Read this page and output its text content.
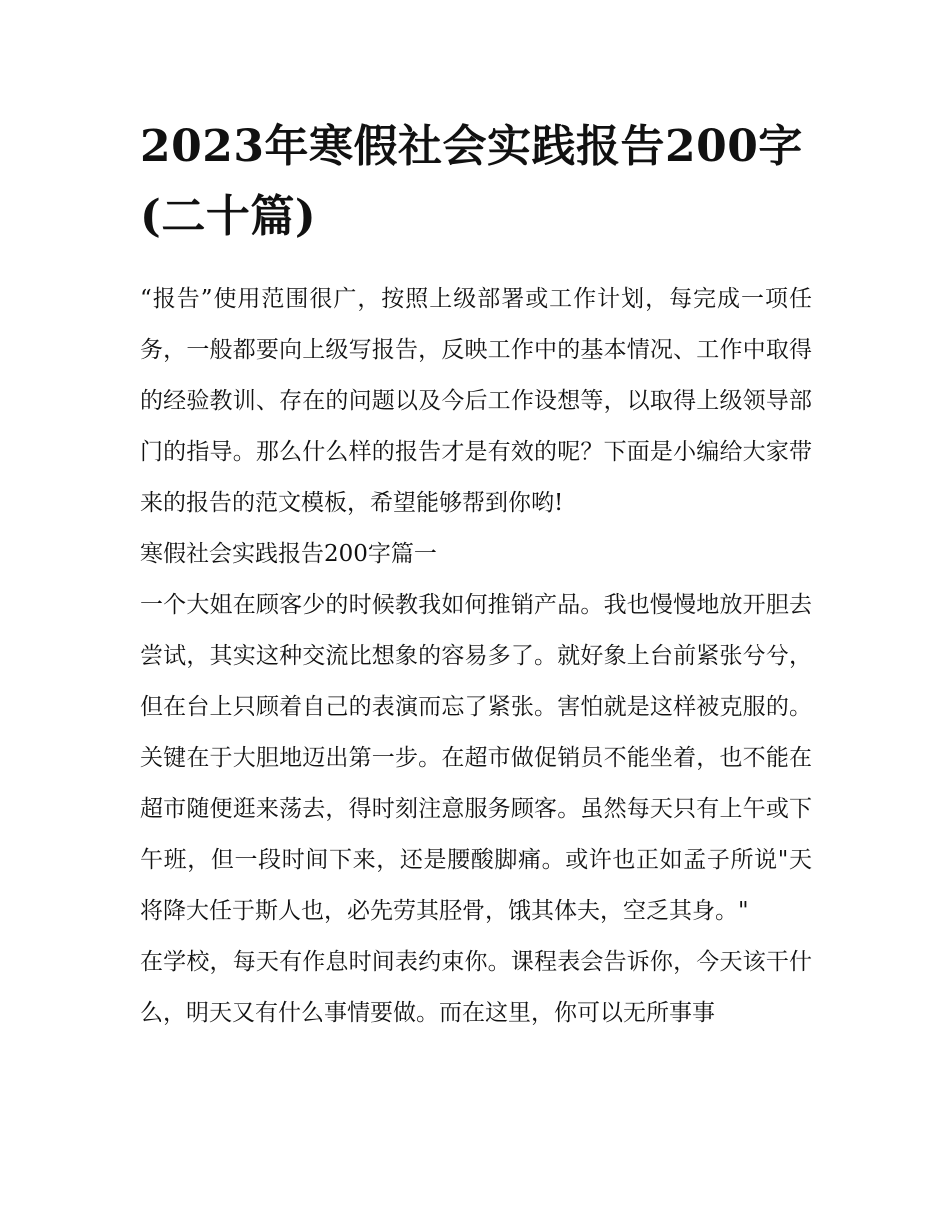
2023年寒假社会实践报告200字(二十篇)

“报告”使用范围很广，按照上级部署或工作计划，每完成一项任务，一般都要向上级写报告，反映工作中的基本情况、工作中取得的经验教训、存在的问题以及今后工作设想等，以取得上级领导部门的指导。那么什么样的报告才是有效的呢？下面是小编给大家带来的报告的范文模板，希望能够帮到你哟!

寒假社会实践报告200字篇一

一个大姐在顾客少的时候教我如何推销产品。我也慢慢地放开胆去尝试，其实这种交流比想象的容易多了。就好象上台前紧张兮兮，但在台上只顾着自己的表演而忘了紧张。害怕就是这样被克服的。关键在于大胆地迈出第一步。在超市做促销员不能坐着，也不能在超市随便逛来荡去，得时刻注意服务顾客。虽然每天只有上午或下午班，但一段时间下来，还是腰酸脚痛。或许也正如孟子所说"天将降大任于斯人也，必先劳其胫骨，饿其体夫，空乏其身。"

在学校，每天有作息时间表约束你。课程表会告诉你，今天该干什么，明天又有什么事情要做。而在这里，你可以无所事事
